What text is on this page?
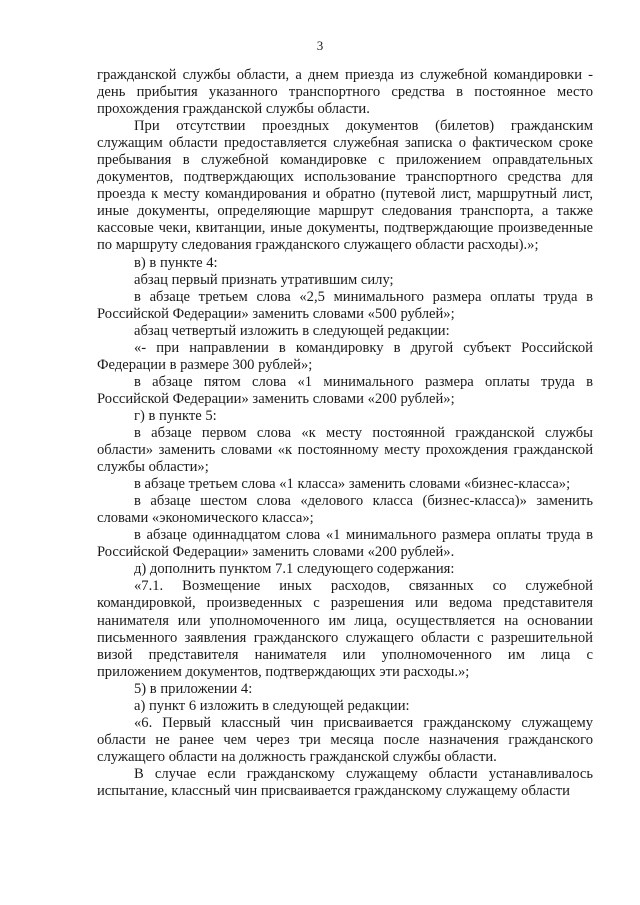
3

гражданской службы области, а днем приезда из служебной командировки - день прибытия указанного транспортного средства в постоянное место прохождения гражданской службы области.

При отсутствии проездных документов (билетов) гражданским служащим области предоставляется служебная записка о фактическом сроке пребывания в служебной командировке с приложением оправдательных документов, подтверждающих использование транспортного средства для проезда к месту командирования и обратно (путевой лист, маршрутный лист, иные документы, определяющие маршрут следования транспорта, а также кассовые чеки, квитанции, иные документы, подтверждающие произведенные по маршруту следования гражданского служащего области расходы).»;

в) в пункте 4:

абзац первый признать утратившим силу;

в абзаце третьем слова «2,5 минимального размера оплаты труда в Российской Федерации» заменить словами «500 рублей»;

абзац четвертый изложить в следующей редакции:

«- при направлении в командировку в другой субъект Российской Федерации в размере 300 рублей»;

в абзаце пятом слова «1 минимального размера оплаты труда в Российской Федерации» заменить словами «200 рублей»;

г) в пункте 5:

в абзаце первом слова «к месту постоянной гражданской службы области» заменить словами «к постоянному месту прохождения гражданской службы области»;

в абзаце третьем слова «1 класса» заменить словами «бизнес-класса»;

в абзаце шестом слова «делового класса (бизнес-класса)» заменить словами «экономического класса»;

в абзаце одиннадцатом слова «1 минимального размера оплаты труда в Российской Федерации» заменить словами «200 рублей».

д) дополнить пунктом 7.1 следующего содержания:

«7.1. Возмещение иных расходов, связанных со служебной командировкой, произведенных с разрешения или ведома представителя нанимателя или уполномоченного им лица, осуществляется на основании письменного заявления гражданского служащего области с разрешительной визой представителя нанимателя или уполномоченного им лица с приложением документов, подтверждающих эти расходы.»;

5) в приложении 4:

а) пункт 6 изложить в следующей редакции:

«6. Первый классный чин присваивается гражданскому служащему области не ранее чем через три месяца после назначения гражданского служащего области на должность гражданской службы области.

В случае если гражданскому служащему области устанавливалось испытание, классный чин присваивается гражданскому служащему области
